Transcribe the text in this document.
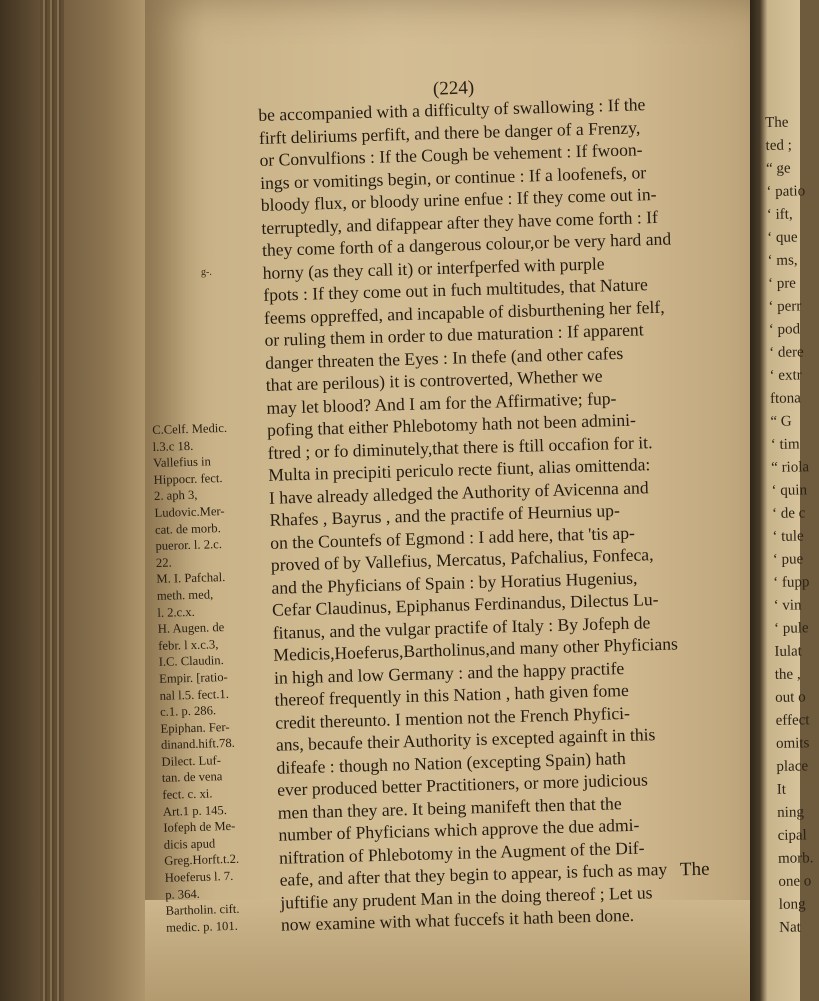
(224)
g-.
be accompanied with a difficulty of swallowing : If the
firft deliriums perfift, and there be danger of a Frenzy,
or Convulfions : If the Cough be vehement : If fwoon-
ings or vomitings begin, or continue : If a loofenefs, or
bloody flux, or bloody urine enfue : If they come out in-
terruptedly, and difappear after they have come forth : If
they come forth of a dangerous colour,or be very hard and
horny (as they call it) or interfperfed with purple
fpots : If they come out in fuch multitudes, that Nature
feems oppreffed, and incapable of disburthening her felf,
or ruling them in order to due maturation : If apparent
danger threaten the Eyes : In thefe (and other cafes
that are perilous) it is controverted, Whether we
may let blood? And I am for the Affirmative; fup-
pofing that either Phlebotomy hath not been admini-
ftred ; or fo diminutely,that there is ftill occafion for it.
Multa in precipiti periculo recte fiunt, alias omittenda:
I have already alledged the Authority of Avicenna and
Rhafes , Bayrus , and the practife of Heurnius up-
on the Countefs of Egmond : I add here, that 'tis ap-
proved of by Vallefius, Mercatus, Pafchalius, Fonfeca,
and the Phyficians of Spain : by Horatius Hugenius,
Cefar Claudinus, Epiphanus Ferdinandus, Dilectus Lu-
fitanus, and the vulgar practife of Italy : By Jofeph de
Medicis,Hoeferus,Bartholinus,and many other Phyficians
in high and low Germany : and the happy practife
thereof frequently in this Nation , hath given fome
credit thereunto. I mention not the French Phyfici-
ans, becaufe their Authority is excepted againft in this
difeafe : though no Nation (excepting Spain) hath
ever produced better Practitioners, or more judicious
men than they are. It being manifeft then that the
number of Phyficians which approve the due admi-
niftration of Phlebotomy in the Augment of the Dif-
eafe, and after that they begin to appear, is fuch as may
juftifie any prudent Man in the doing thereof ; Let us
now examine with what fuccefs it hath been done.
C.Celf. Medic.
l.3.c 18.
Vallefius in
Hippocr. fect.
2. aph 3,
Ludovic.Mer-
cat. de morb.
pueror. l. 2.c.
22.
M. I. Pafchal.
meth. med,
l. 2.c.x.
H. Augen. de
febr. l x.c.3,
I.C. Claudin.
Empir. [ratio-
nal l.5. fect.1.
c.1. p. 286.
Epiphan. Fer-
dinand.hift.78.
Dilect. Luf-
tan. de vena
fect. c. xi.
Art.1 p. 145.
Iofeph de Me-
dicis apud
Greg.Horft.t.2.
Hoeferus l. 7.
p. 364.
Bartholin. cift.
medic. p. 101.
The
The
ted ;
“ ge
‘ patio
‘ ift,
‘ que
‘ ms,
‘ pre
‘ perr
‘ pod
‘ dere
‘ extr
ftona
“ G
‘ tim
“ riola
‘ quin
‘ de c
‘ tule
‘ pue
‘ fupp
‘ vin
‘ pule
Iulat
the ,
out o
effect
omits
place
It
ning
cipal
morb.
one o
long
Nat
